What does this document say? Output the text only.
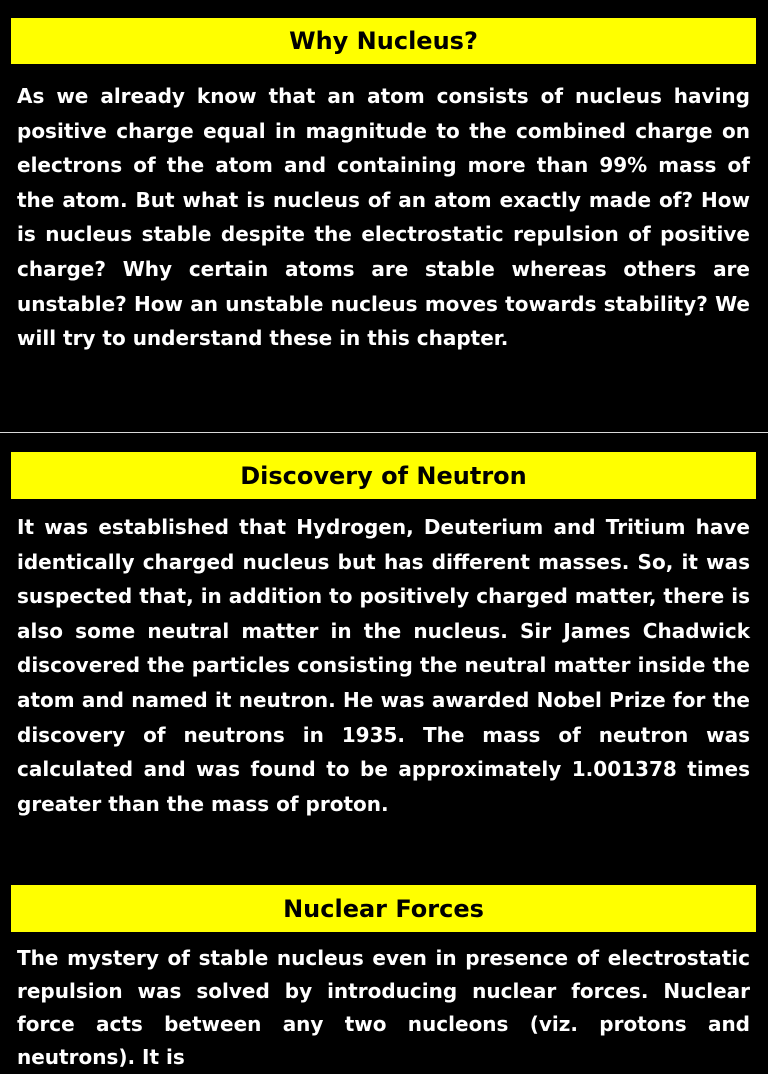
Why Nucleus?

As we already know that an atom consists of nucleus having positive charge equal in magnitude to the combined charge on electrons of the atom and containing more than 99% mass of the atom. But what is nucleus of an atom exactly made of? How is nucleus stable despite the electrostatic repulsion of positive charge? Why certain atoms are stable whereas others are unstable? How an unstable nucleus moves towards stability? We will try to understand these in this chapter.

Discovery of Neutron

It was established that Hydrogen, Deuterium and Tritium have identically charged nucleus but has different masses. So, it was suspected that, in addition to positively charged matter, there is also some neutral matter in the nucleus. Sir James Chadwick discovered the particles consisting the neutral matter inside the atom and named it neutron. He was awarded Nobel Prize for the discovery of neutrons in 1935. The mass of neutron was calculated and was found to be approximately 1.001378 times greater than the mass of proton.

Nuclear Forces

The mystery of stable nucleus even in presence of electrostatic repulsion was solved by introducing nuclear forces. Nuclear force acts between any two nucleons (viz. protons and neutrons). It is
